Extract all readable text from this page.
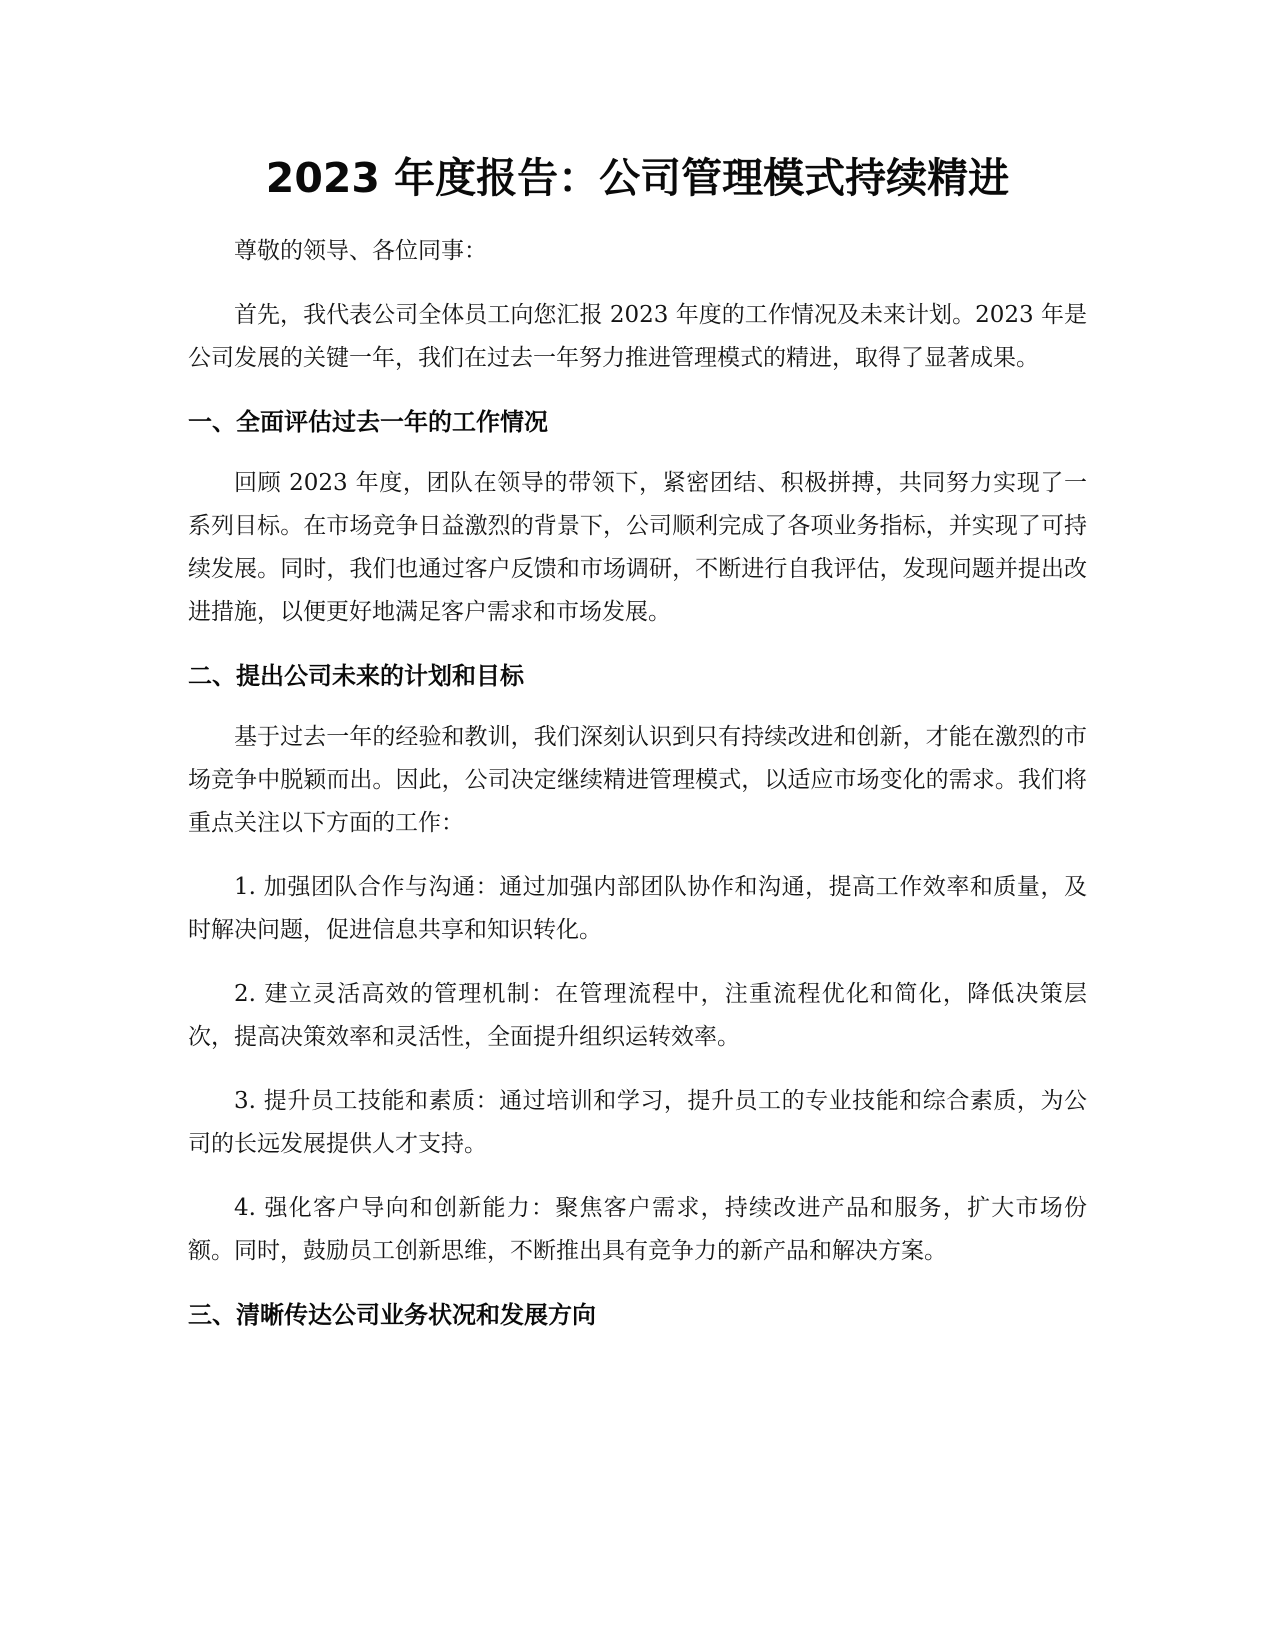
2023 年度报告：公司管理模式持续精进

尊敬的领导、各位同事：

首先，我代表公司全体员工向您汇报 2023 年度的工作情况及未来计划。2023 年是公司发展的关键一年，我们在过去一年努力推进管理模式的精进，取得了显著成果。

一、全面评估过去一年的工作情况

回顾 2023 年度，团队在领导的带领下，紧密团结、积极拼搏，共同努力实现了一系列目标。在市场竞争日益激烈的背景下，公司顺利完成了各项业务指标，并实现了可持续发展。同时，我们也通过客户反馈和市场调研，不断进行自我评估，发现问题并提出改进措施，以便更好地满足客户需求和市场发展。

二、提出公司未来的计划和目标

基于过去一年的经验和教训，我们深刻认识到只有持续改进和创新，才能在激烈的市场竞争中脱颖而出。因此，公司决定继续精进管理模式，以适应市场变化的需求。我们将重点关注以下方面的工作：

1. 加强团队合作与沟通：通过加强内部团队协作和沟通，提高工作效率和质量，及时解决问题，促进信息共享和知识转化。

2. 建立灵活高效的管理机制：在管理流程中，注重流程优化和简化，降低决策层次，提高决策效率和灵活性，全面提升组织运转效率。

3. 提升员工技能和素质：通过培训和学习，提升员工的专业技能和综合素质，为公司的长远发展提供人才支持。

4. 强化客户导向和创新能力：聚焦客户需求，持续改进产品和服务，扩大市场份额。同时，鼓励员工创新思维，不断推出具有竞争力的新产品和解决方案。

三、清晰传达公司业务状况和发展方向
